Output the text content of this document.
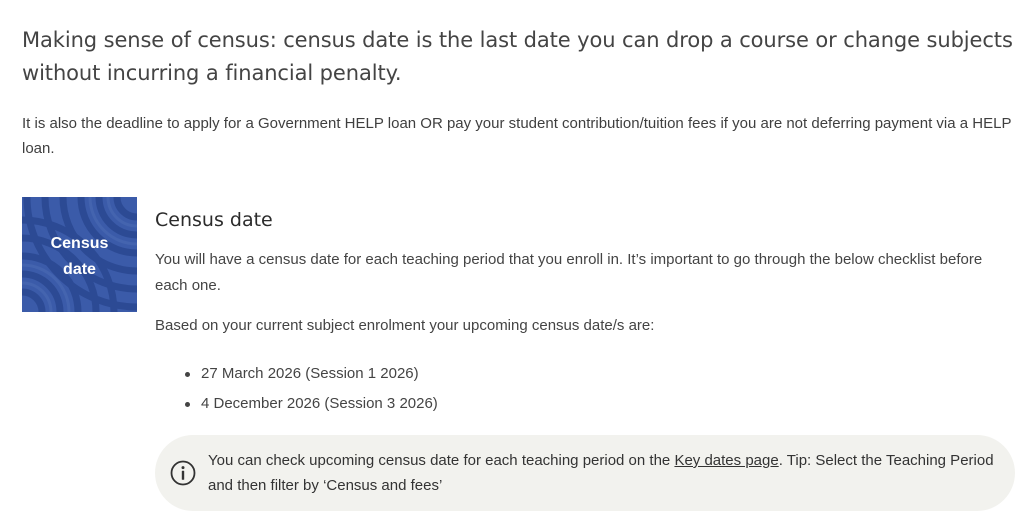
Making sense of census: census date is the last date you can drop a course or change subjects without incurring a financial penalty.

It is also the deadline to apply for a Government HELP loan OR pay your student contribution/tuition fees if you are not deferring payment via a HELP loan.

Census
date
Census date

You will have a census date for each teaching period that you enroll in. It’s important to go through the below checklist before each one.

Based on your current subject enrolment your upcoming census date/s are:

27 March 2026 (Session 1 2026)
4 December 2026 (Session 3 2026)

You can check upcoming census date for each teaching period on the Key dates page. Tip: Select the Teaching Period and then filter by ‘Census and fees’
